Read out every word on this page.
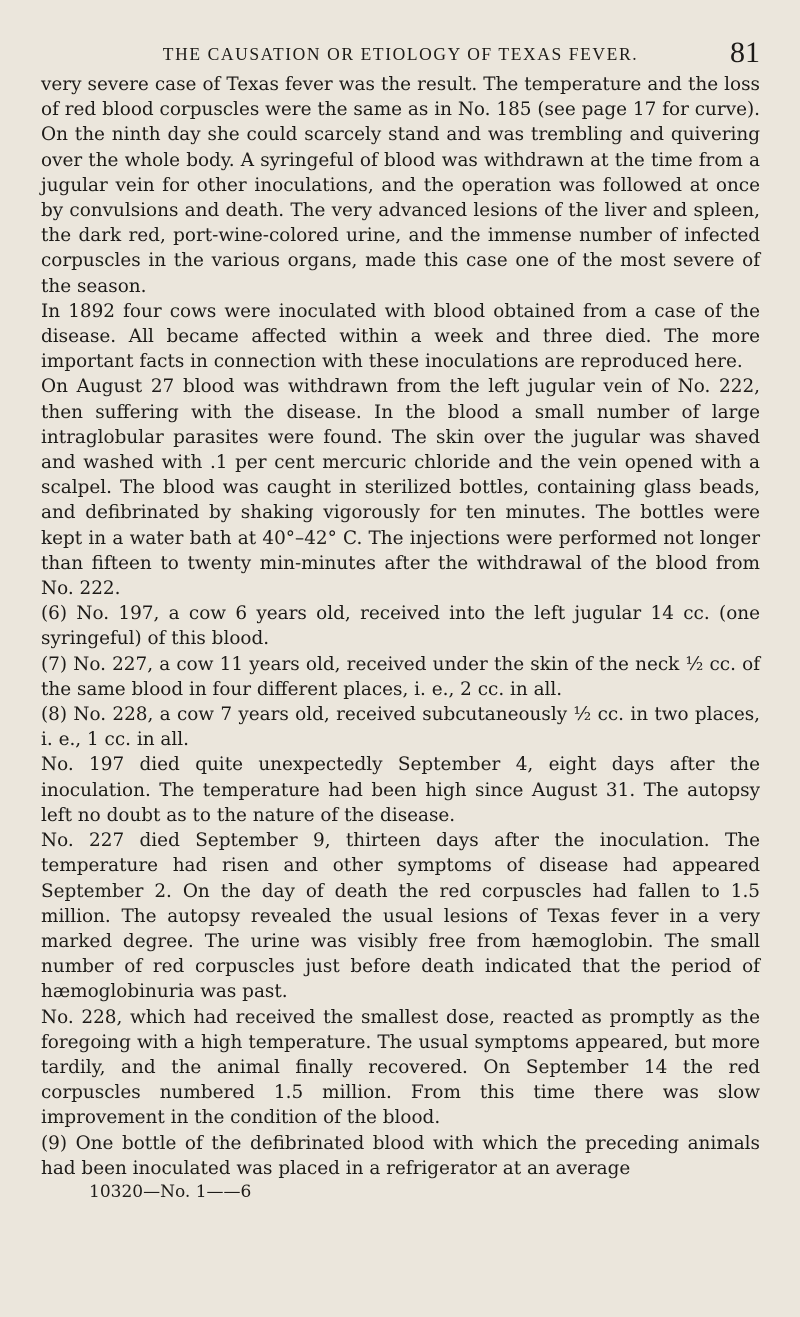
THE CAUSATION OR ETIOLOGY OF TEXAS FEVER.	81

very severe case of Texas fever was the result. The temperature and the loss of red blood corpuscles were the same as in No. 185 (see page 17 for curve). On the ninth day she could scarcely stand and was trembling and quivering over the whole body. A syringeful of blood was withdrawn at the time from a jugular vein for other inoculations, and the operation was followed at once by convulsions and death. The very advanced lesions of the liver and spleen, the dark red, port-wine-colored urine, and the immense number of infected corpuscles in the various organs, made this case one of the most severe of the season.

In 1892 four cows were inoculated with blood obtained from a case of the disease. All became affected within a week and three died. The more important facts in connection with these inoculations are reproduced here.

On August 27 blood was withdrawn from the left jugular vein of No. 222, then suffering with the disease. In the blood a small number of large intraglobular parasites were found. The skin over the jugular was shaved and washed with .1 per cent mercuric chloride and the vein opened with a scalpel. The blood was caught in sterilized bottles, containing glass beads, and defibrinated by shaking vigorously for ten minutes. The bottles were kept in a water bath at 40°–42° C. The injections were performed not longer than fifteen to twenty min-minutes after the withdrawal of the blood from No. 222.

(6) No. 197, a cow 6 years old, received into the left jugular 14 cc. (one syringeful) of this blood.

(7) No. 227, a cow 11 years old, received under the skin of the neck ½ cc. of the same blood in four different places, i. e., 2 cc. in all.

(8) No. 228, a cow 7 years old, received subcutaneously ½ cc. in two places, i. e., 1 cc. in all.

No. 197 died quite unexpectedly September 4, eight days after the inoculation. The temperature had been high since August 31. The autopsy left no doubt as to the nature of the disease.

No. 227 died September 9, thirteen days after the inoculation. The temperature had risen and other symptoms of disease had appeared September 2. On the day of death the red corpuscles had fallen to 1.5 million. The autopsy revealed the usual lesions of Texas fever in a very marked degree. The urine was visibly free from hæmoglobin. The small number of red corpuscles just before death indicated that the period of hæmoglobinuria was past.

No. 228, which had received the smallest dose, reacted as promptly as the foregoing with a high temperature. The usual symptoms appeared, but more tardily, and the animal finally recovered. On September 14 the red corpuscles numbered 1.5 million. From this time there was slow improvement in the condition of the blood.

(9) One bottle of the defibrinated blood with which the preceding animals had been inoculated was placed in a refrigerator at an average

10320—No. 1——6
